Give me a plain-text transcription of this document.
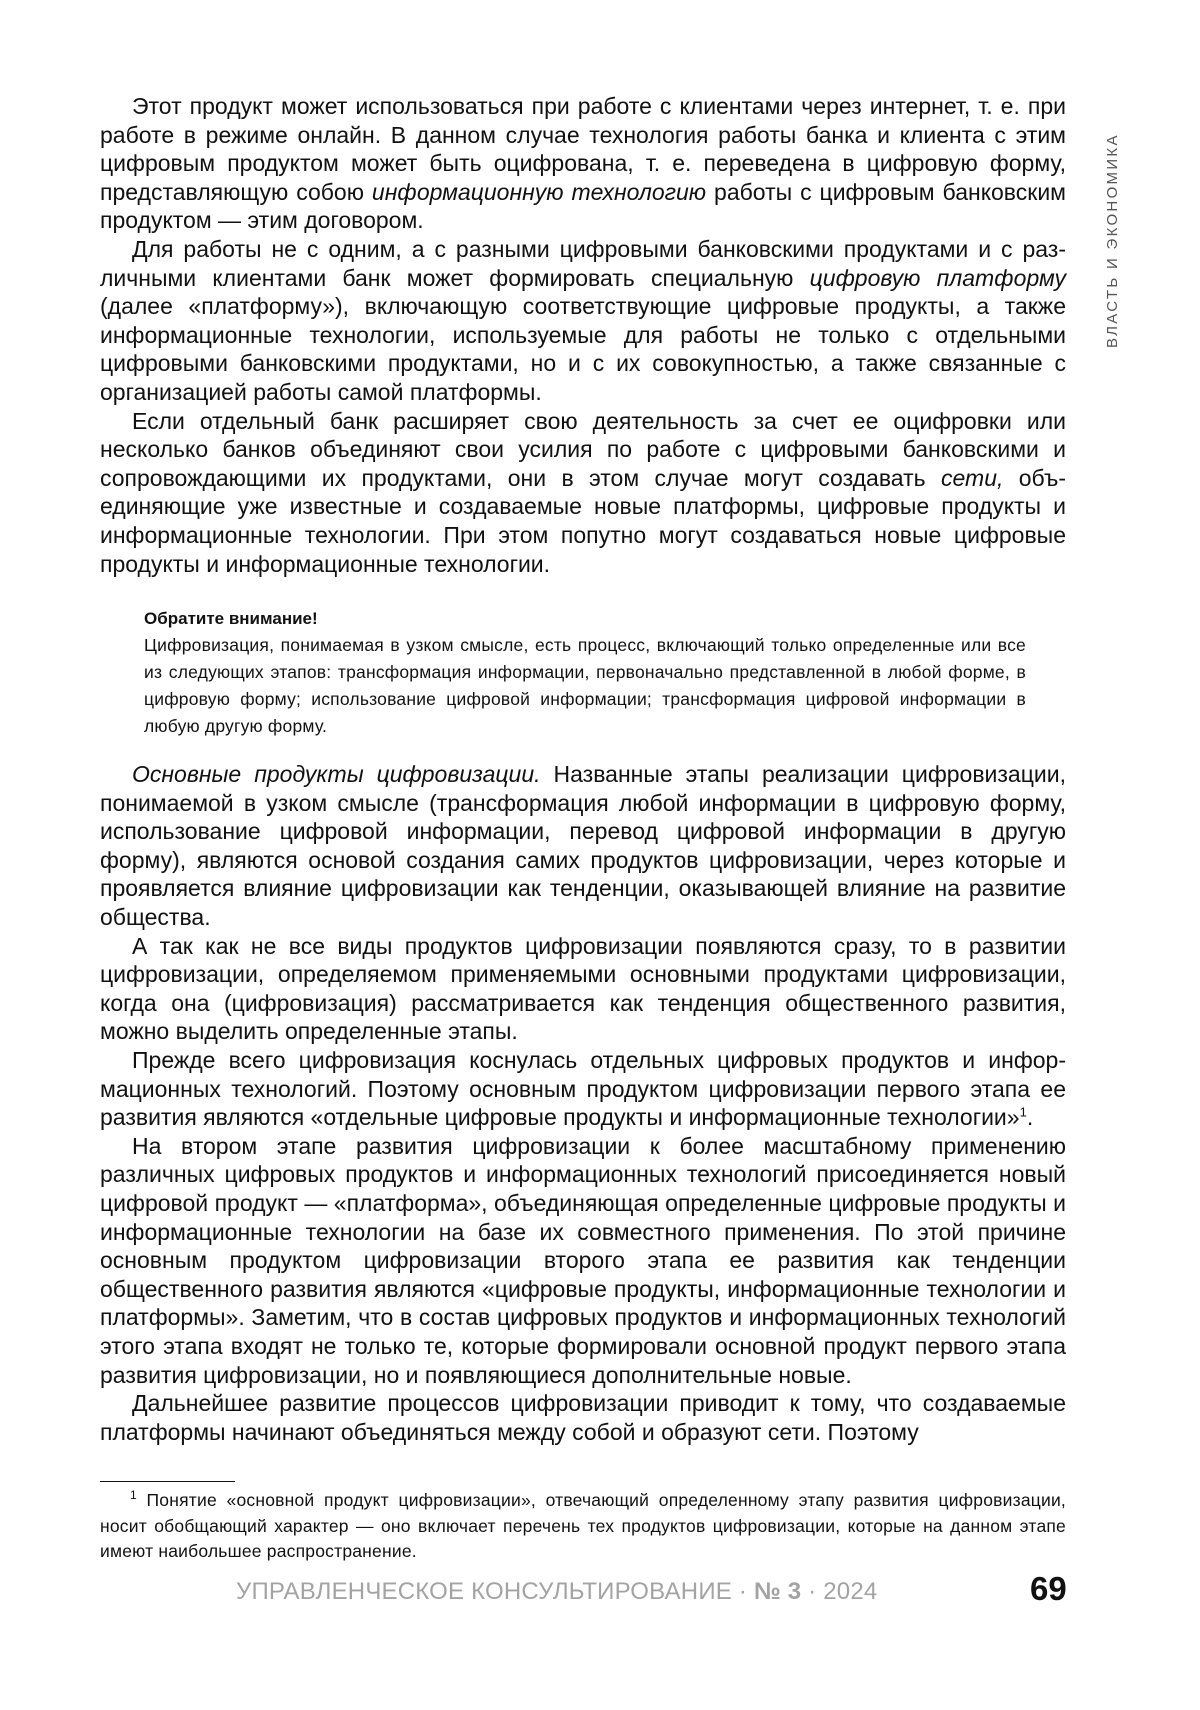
ВЛАСТЬ И ЭКОНОМИКА

Этот продукт может использоваться при работе с клиентами через интернет, т. е. при работе в режиме онлайн. В данном случае технология работы банка и клиента с этим цифровым продуктом может быть оцифрована, т. е. переведена в цифровую форму, представляющую собою информационную технологию работы с цифровым банковским продуктом — этим договором.

Для работы не с одним, а с разными цифровыми банковскими продуктами и с различными клиентами банк может формировать специальную цифровую платформу (далее «платформу»), включающую соответствующие цифровые продукты, а также информационные технологии, используемые для работы не только с отдельными цифровыми банковскими продуктами, но и с их совокупностью, а также связанные с организацией работы самой платформы.

Если отдельный банк расширяет свою деятельность за счет ее оцифровки или несколько банков объединяют свои усилия по работе с цифровыми банковскими и сопровождающими их продуктами, они в этом случае могут создавать сети, объединяющие уже известные и создаваемые новые платформы, цифровые продукты и информационные технологии. При этом попутно могут создаваться новые цифровые продукты и информационные технологии.

Обратите внимание!

Цифровизация, понимаемая в узком смысле, есть процесс, включающий только определенные или все из следующих этапов: трансформация информации, первоначально представленной в любой форме, в цифровую форму; использование цифровой информации; трансформация цифровой информации в любую другую форму.

Основные продукты цифровизации. Названные этапы реализации цифровизации, понимаемой в узком смысле (трансформация любой информации в цифровую форму, использование цифровой информации, перевод цифровой информации в другую форму), являются основой создания самих продуктов цифровизации, через которые и проявляется влияние цифровизации как тенденции, оказывающей влияние на развитие общества.

А так как не все виды продуктов цифровизации появляются сразу, то в развитии цифровизации, определяемом применяемыми основными продуктами цифровизации, когда она (цифровизация) рассматривается как тенденция общественного развития, можно выделить определенные этапы.

Прежде всего цифровизация коснулась отдельных цифровых продуктов и информационных технологий. Поэтому основным продуктом цифровизации первого этапа ее развития являются «отдельные цифровые продукты и информационные технологии»$^1$.

На втором этапе развития цифровизации к более масштабному применению различных цифровых продуктов и информационных технологий присоединяется новый цифровой продукт — «платформа», объединяющая определенные цифровые продукты и информационные технологии на базе их совместного применения. По этой причине основным продуктом цифровизации второго этапа ее развития как тенденции общественного развития являются «цифровые продукты, информационные технологии и платформы». Заметим, что в состав цифровых продуктов и информационных технологий этого этапа входят не только те, которые формировали основной продукт первого этапа развития цифровизации, но и появляющиеся дополнительные новые.

Дальнейшее развитие процессов цифровизации приводит к тому, что создаваемые платформы начинают объединяться между собой и образуют сети. Поэтому

$^1$ Понятие «основной продукт цифровизации», отвечающий определенному этапу развития цифровизации, носит обобщающий характер — оно включает перечень тех продуктов цифровизации, которые на данном этапе имеют наибольшее распространение.

УПРАВЛЕНЧЕСКОЕ КОНСУЛЬТИРОВАНИЕ · № 3 · 2024	69
